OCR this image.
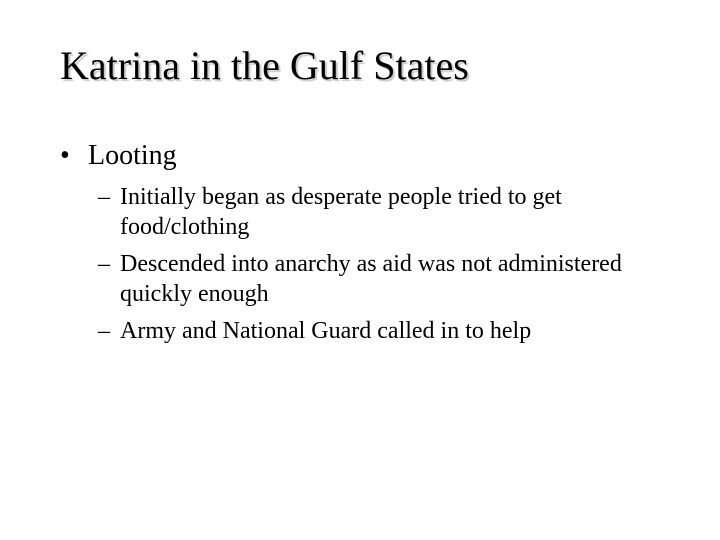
Katrina in the Gulf States
• Looting
– Initially began as desperate people tried to get food/clothing
– Descended into anarchy as aid was not administered quickly enough
– Army and National Guard called in to help
